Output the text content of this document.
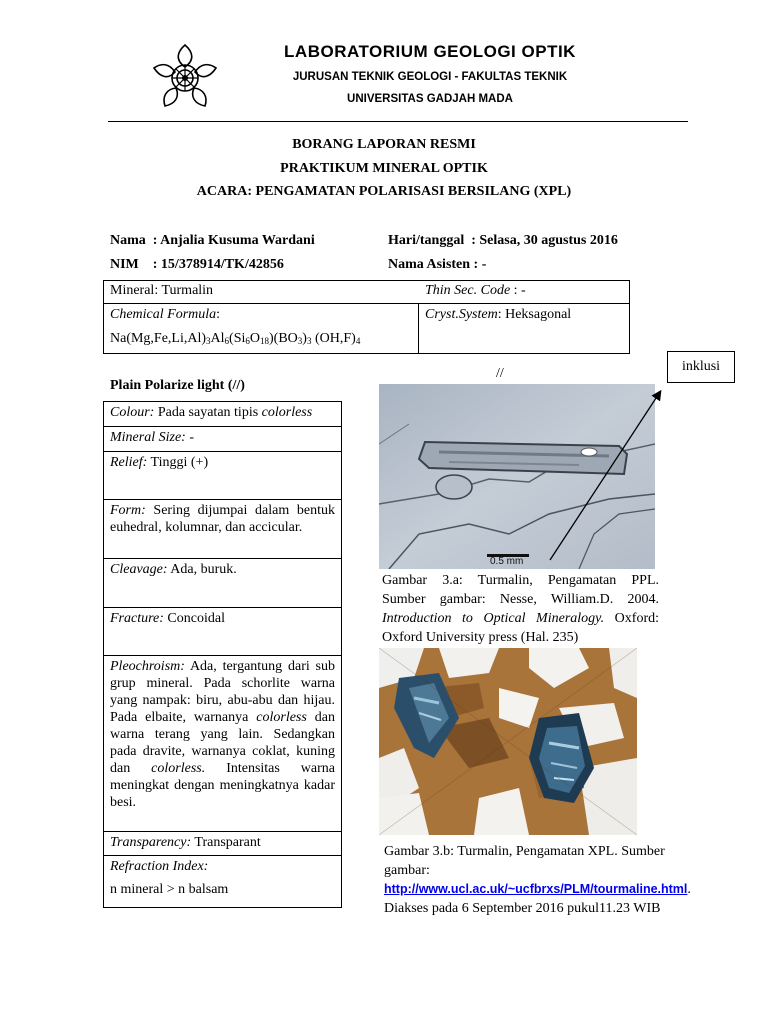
LABORATORIUM GEOLOGI OPTIK
JURUSAN TEKNIK GEOLOGI - FAKULTAS TEKNIK
UNIVERSITAS GADJAH MADA
BORANG LAPORAN RESMI
PRAKTIKUM MINERAL OPTIK
ACARA: PENGAMATAN POLARISASI BERSILANG (XPL)
Nama  : Anjalia Kusuma Wardani
NIM    : 15/378914/TK/42856
Hari/tanggal  : Selasa, 30 agustus 2016
Nama Asisten : -
Mineral: Turmalin	Thin Sec. Code : -
Chemical Formula:
$Na(Mg,Fe,Li,Al)_3Al_6(Si_6O_{18})(BO_3)_3$ $(OH,F)_4$
Cryst.System: Heksagonal
Plain Polarize light (//)
//
Colour: Pada sayatan tipis colorless
Mineral Size: -
Relief: Tinggi (+)
Form: Sering dijumpai dalam bentuk euhedral, kolumnar, dan accicular.
Cleavage: Ada, buruk.
Fracture: Concoidal
Pleochroism: Ada, tergantung dari sub grup mineral. Pada schorlite warna yang nampak: biru, abu-abu dan hijau. Pada elbaite, warnanya colorless dan warna terang yang lain. Sedangkan pada dravite, warnanya coklat, kuning dan colorless. Intensitas warna meningkat dengan meningkatnya kadar besi.
Transparency: Transparant
Refraction Index:
n mineral > n balsam
0.5 mm
inklusi
Gambar 3.a: Turmalin, Pengamatan PPL. Sumber gambar: Nesse, William.D. 2004. Introduction to Optical Mineralogy. Oxford: Oxford University press (Hal. 235)
Gambar 3.b: Turmalin, Pengamatan XPL. Sumber gambar:
http://www.ucl.ac.uk/~ucfbrxs/PLM/tourmaline.html. Diakses pada 6 September 2016 pukul11.23 WIB
